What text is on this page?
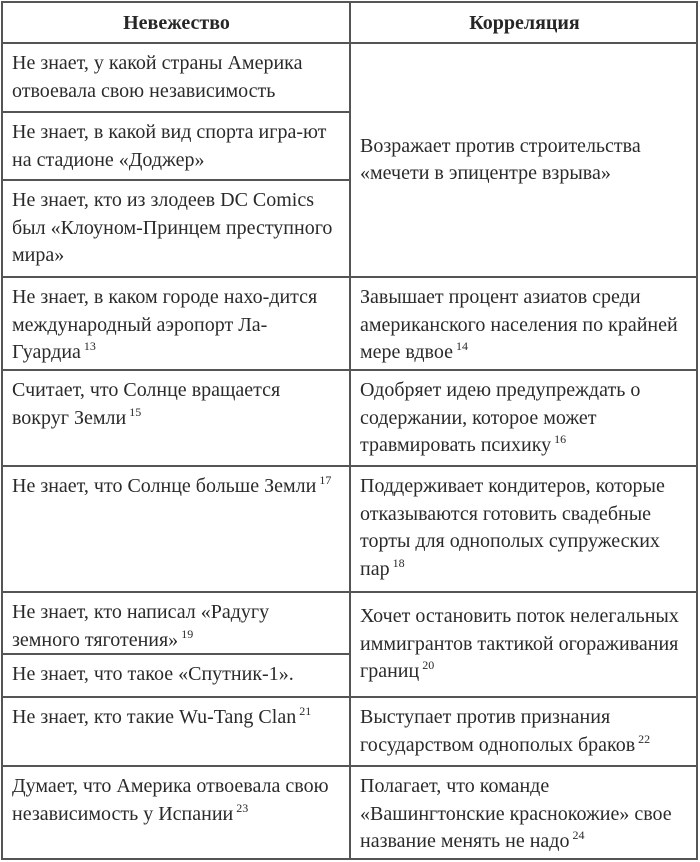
Невежество	Корреляция
Не знает, у какой страны Америка отвоевала свою независимость
Не знает, в какой вид спорта игра-ют на стадионе «Доджер»
Не знает, кто из злодеев DC Comics был «Клоуном-Принцем преступного мира»
Не знает, в каком городе нахо-дится международный аэропорт Ла-Гуардиа $^{13}$
Считает, что Солнце вращается вокруг Земли $^{15}$
Не знает, что Солнце больше Земли $^{17}$
Не знает, кто написал «Радугу земного тяготения» $^{19}$
Не знает, что такое «Спутник-1».
Не знает, кто такие Wu-Tang Clan $^{21}$
Думает, что Америка отвоевала свою независимость у Испании $^{23}$
Возражает против строительства «мечети в эпицентре взрыва»
Завышает процент азиатов среди американского населения по крайней мере вдвое $^{14}$
Одобряет идею предупреждать о содержании, которое может травмировать психику $^{16}$
Поддерживает кондитеров, которые отказываются готовить свадебные торты для однополых супружеских пар $^{18}$
Хочет остановить поток нелегальных иммигрантов тактикой огораживания границ $^{20}$
Выступает против признания государством однополых браков $^{22}$
Полагает, что команде «Вашингтонские краснокожие» свое название менять не надо $^{24}$
